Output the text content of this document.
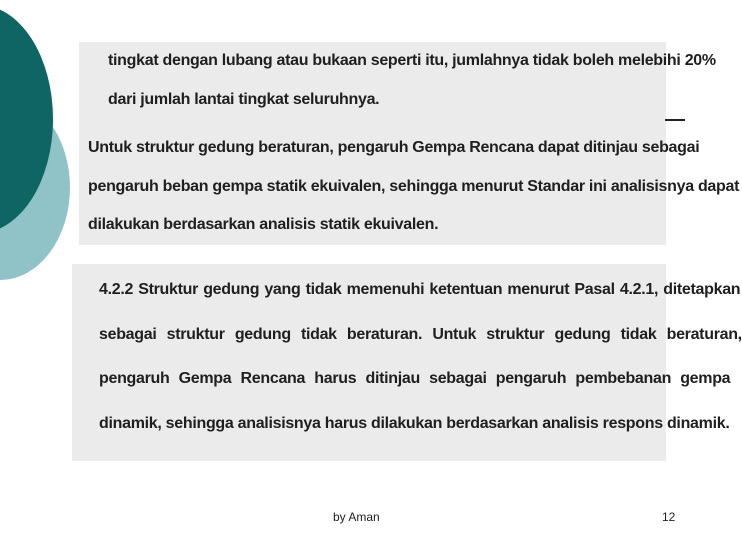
tingkat dengan lubang atau bukaan seperti itu, jumlahnya tidak boleh melebihi 20%
dari jumlah lantai tingkat seluruhnya.
Untuk struktur gedung beraturan, pengaruh Gempa Rencana dapat ditinjau sebagai
pengaruh beban gempa statik ekuivalen, sehingga menurut Standar ini analisisnya dapat
dilakukan berdasarkan analisis statik ekuivalen.
4.2.2 Struktur gedung yang tidak memenuhi ketentuan menurut Pasal 4.2.1, ditetapkan
sebagai struktur gedung tidak beraturan. Untuk struktur gedung tidak beraturan,
pengaruh Gempa Rencana harus ditinjau sebagai pengaruh pembebanan gempa
dinamik, sehingga analisisnya harus dilakukan berdasarkan analisis respons dinamik.
by Aman	12
